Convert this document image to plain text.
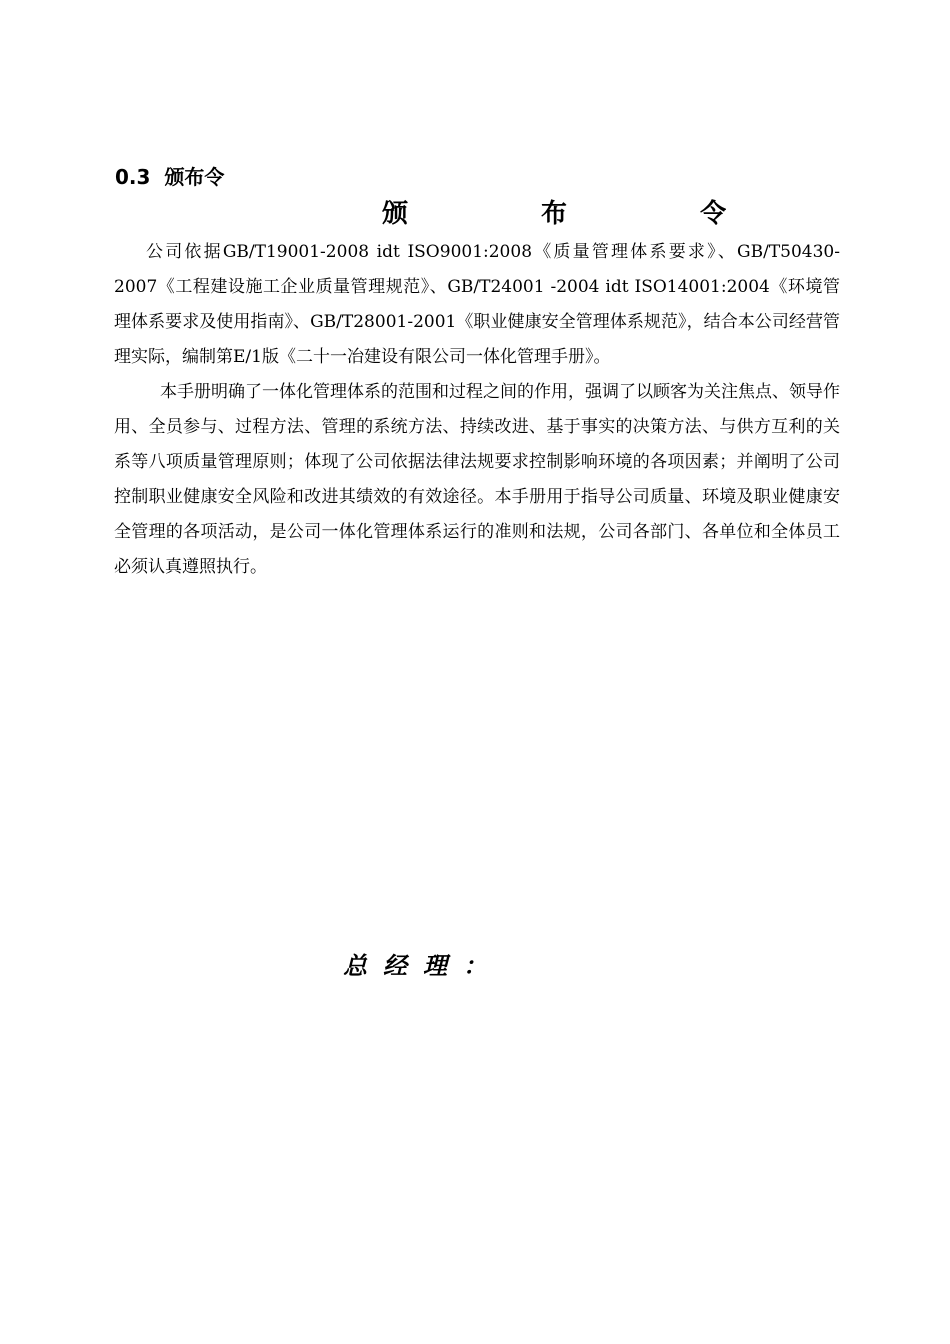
0.3 颁布令
颁 布 令

公司依据GB/T19001-2008 idt ISO9001:2008《质量管理体系要求》、GB/T50430-2007《工程建设施工企业质量管理规范》、GB/T24001 -2004 idt ISO14001:2004《环境管理体系要求及使用指南》、GB/T28001-2001《职业健康安全管理体系规范》，结合本公司经营管理实际，编制第E/1版《二十一冶建设有限公司一体化管理手册》。

本手册明确了一体化管理体系的范围和过程之间的作用，强调了以顾客为关注焦点、领导作用、全员参与、过程方法、管理的系统方法、持续改进、基于事实的决策方法、与供方互利的关系等八项质量管理原则；体现了公司依据法律法规要求控制影响环境的各项因素；并阐明了公司控制职业健康安全风险和改进其绩效的有效途径。本手册用于指导公司质量、环境及职业健康安全管理的各项活动，是公司一体化管理体系运行的准则和法规，公司各部门、各单位和全体员工必须认真遵照执行。

总经理：
